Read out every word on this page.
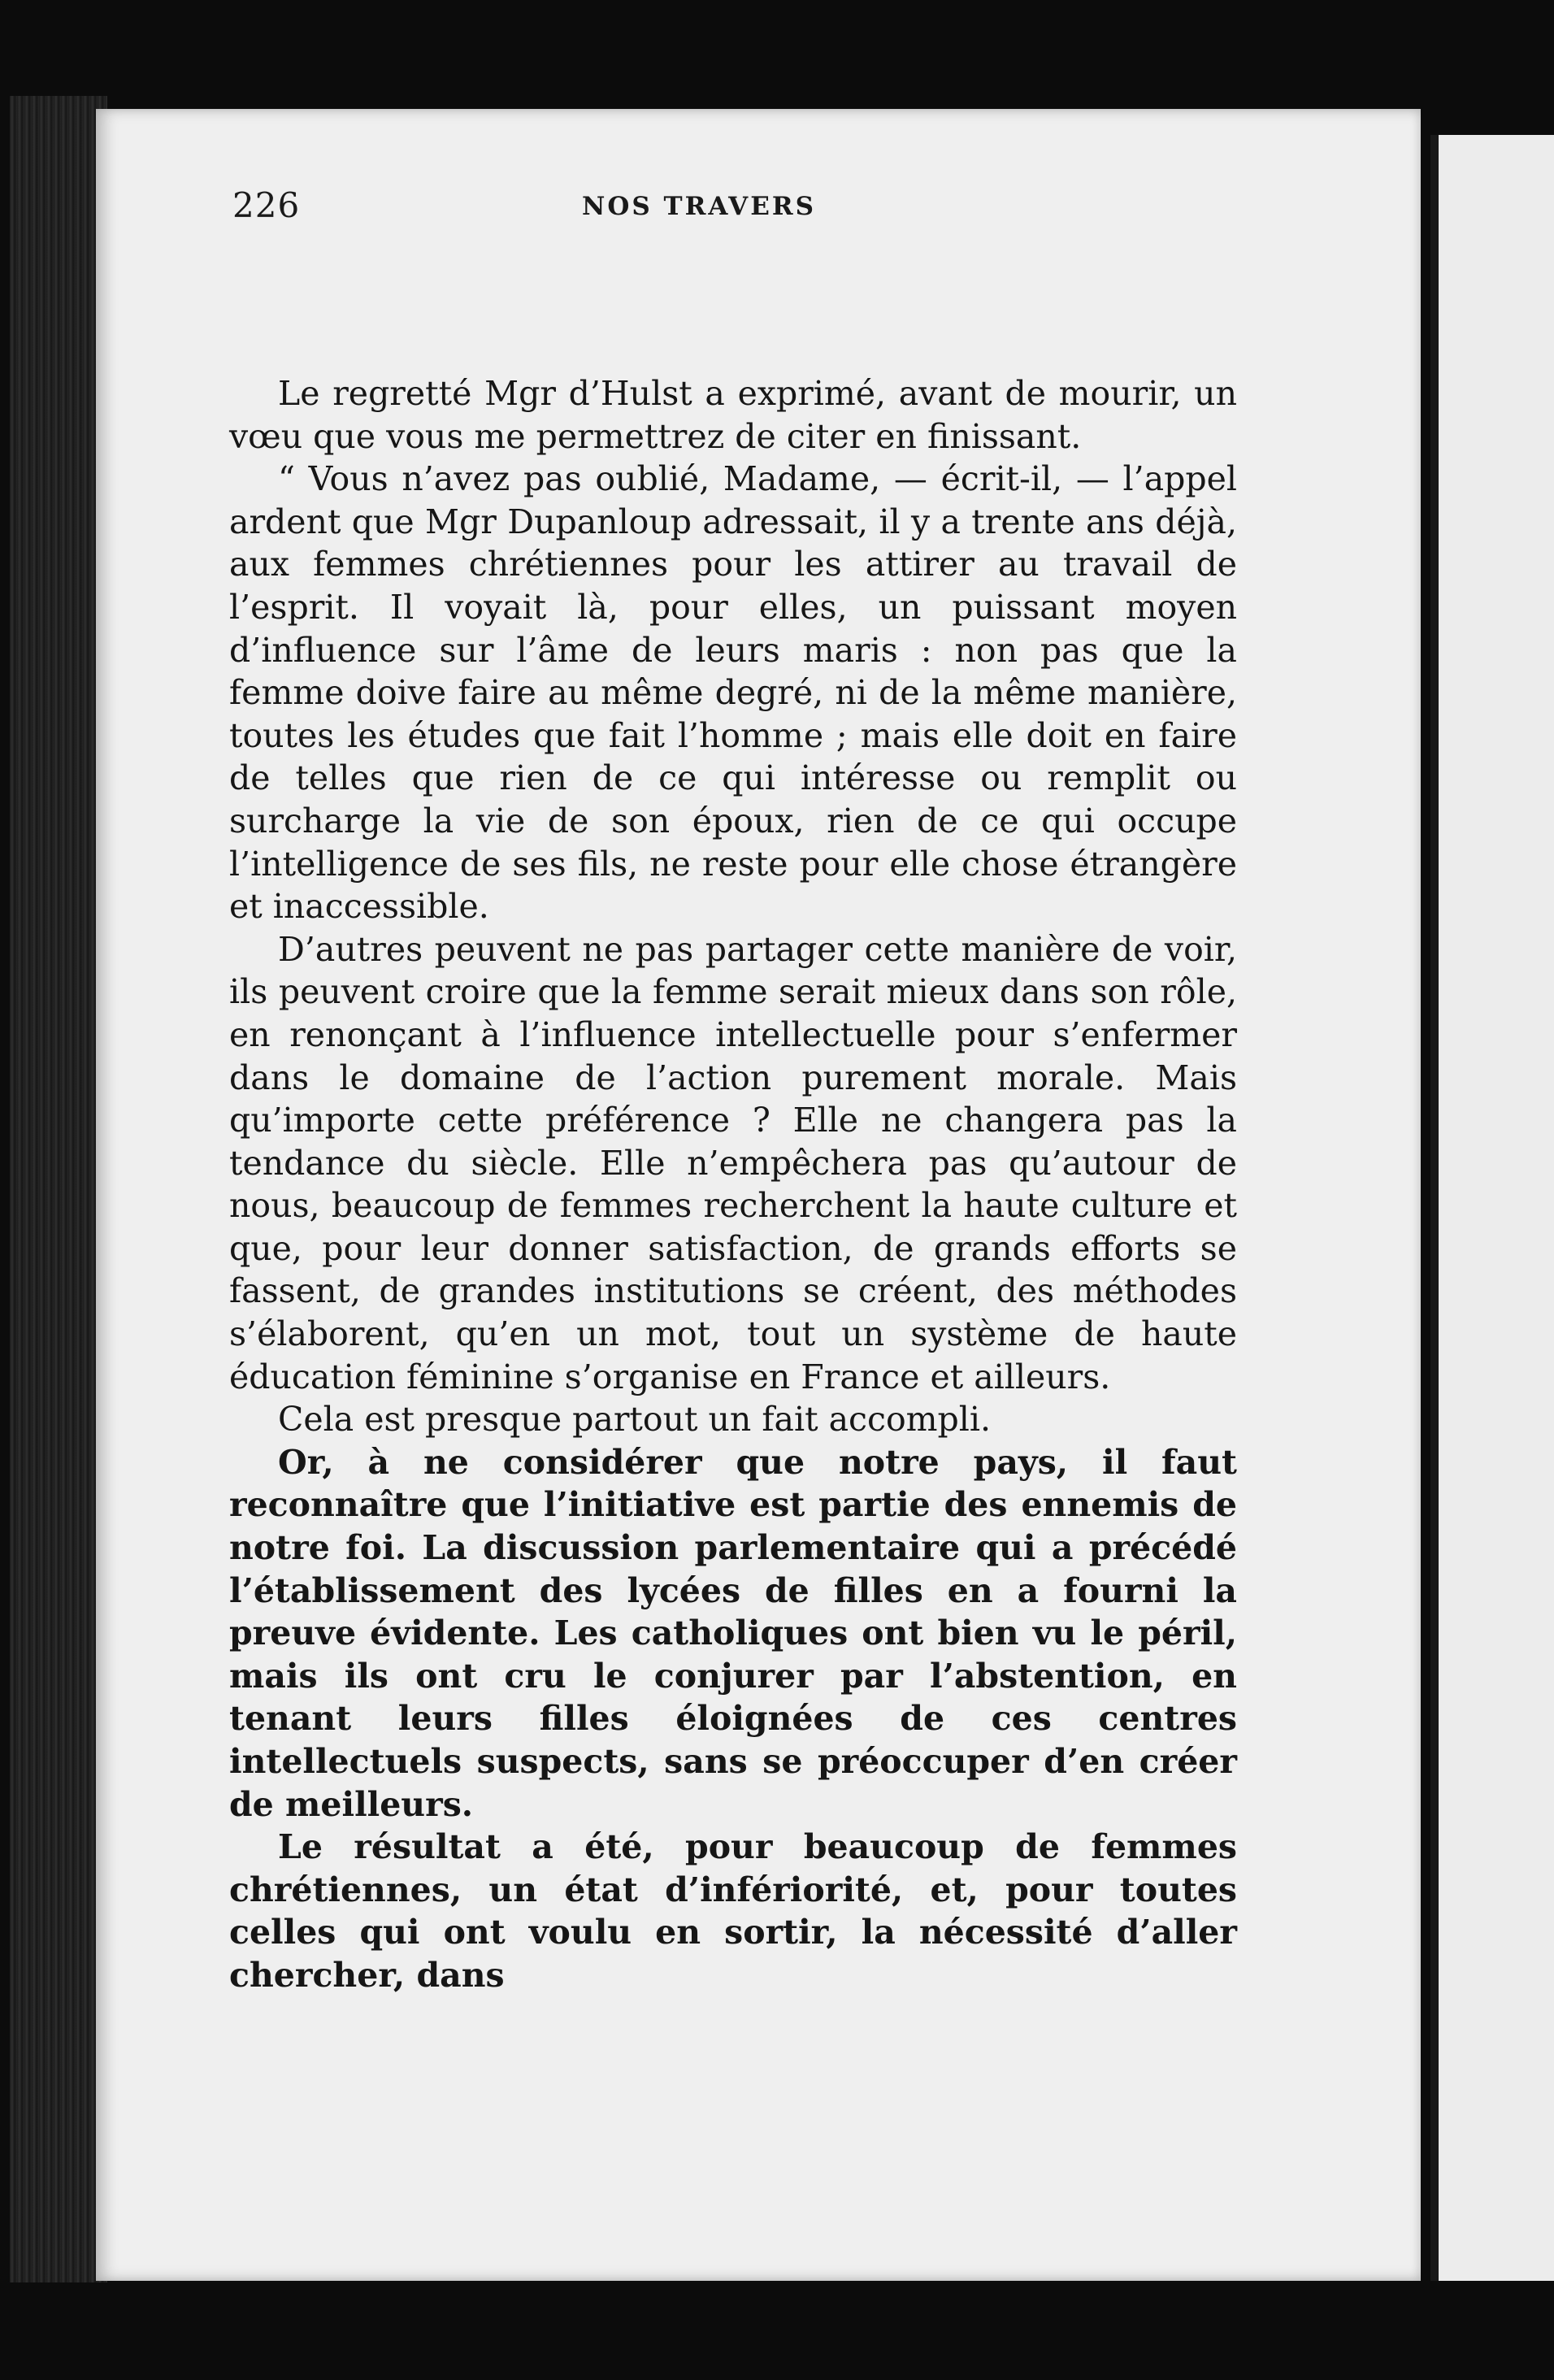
226	NOS TRAVERS

Le regretté Mgr d’Hulst a exprimé, avant de mourir, un vœu que vous me permettrez de citer en finissant.

“ Vous n’avez pas oublié, Madame, — écrit-il, — l’appel ardent que Mgr Dupanloup adressait, il y a trente ans déjà, aux femmes chrétiennes pour les attirer au travail de l’esprit. Il voyait là, pour elles, un puissant moyen d’influence sur l’âme de leurs maris : non pas que la femme doive faire au même degré, ni de la même manière, toutes les études que fait l’homme ; mais elle doit en faire de telles que rien de ce qui intéresse ou remplit ou surcharge la vie de son époux, rien de ce qui occupe l’intelligence de ses fils, ne reste pour elle chose étrangère et inaccessible.

D’autres peuvent ne pas partager cette manière de voir, ils peuvent croire que la femme serait mieux dans son rôle, en renonçant à l’influence intellectuelle pour s’enfermer dans le domaine de l’action purement morale. Mais qu’importe cette préférence ? Elle ne changera pas la tendance du siècle. Elle n’empêchera pas qu’autour de nous, beaucoup de femmes recherchent la haute culture et que, pour leur donner satisfaction, de grands efforts se fassent, de grandes institutions se créent, des méthodes s’élaborent, qu’en un mot, tout un système de haute éducation féminine s’organise en France et ailleurs.

Cela est presque partout un fait accompli.

Or, à ne considérer que notre pays, il faut reconnaître que l’initiative est partie des ennemis de notre foi. La discussion parlementaire qui a précédé l’établissement des lycées de filles en a fourni la preuve évidente. Les catholiques ont bien vu le péril, mais ils ont cru le conjurer par l’abstention, en tenant leurs filles éloignées de ces centres intellectuels suspects, sans se préoccuper d’en créer de meilleurs.

Le résultat a été, pour beaucoup de femmes chrétiennes, un état d’infériorité, et, pour toutes celles qui ont voulu en sortir, la nécessité d’aller chercher, dans
